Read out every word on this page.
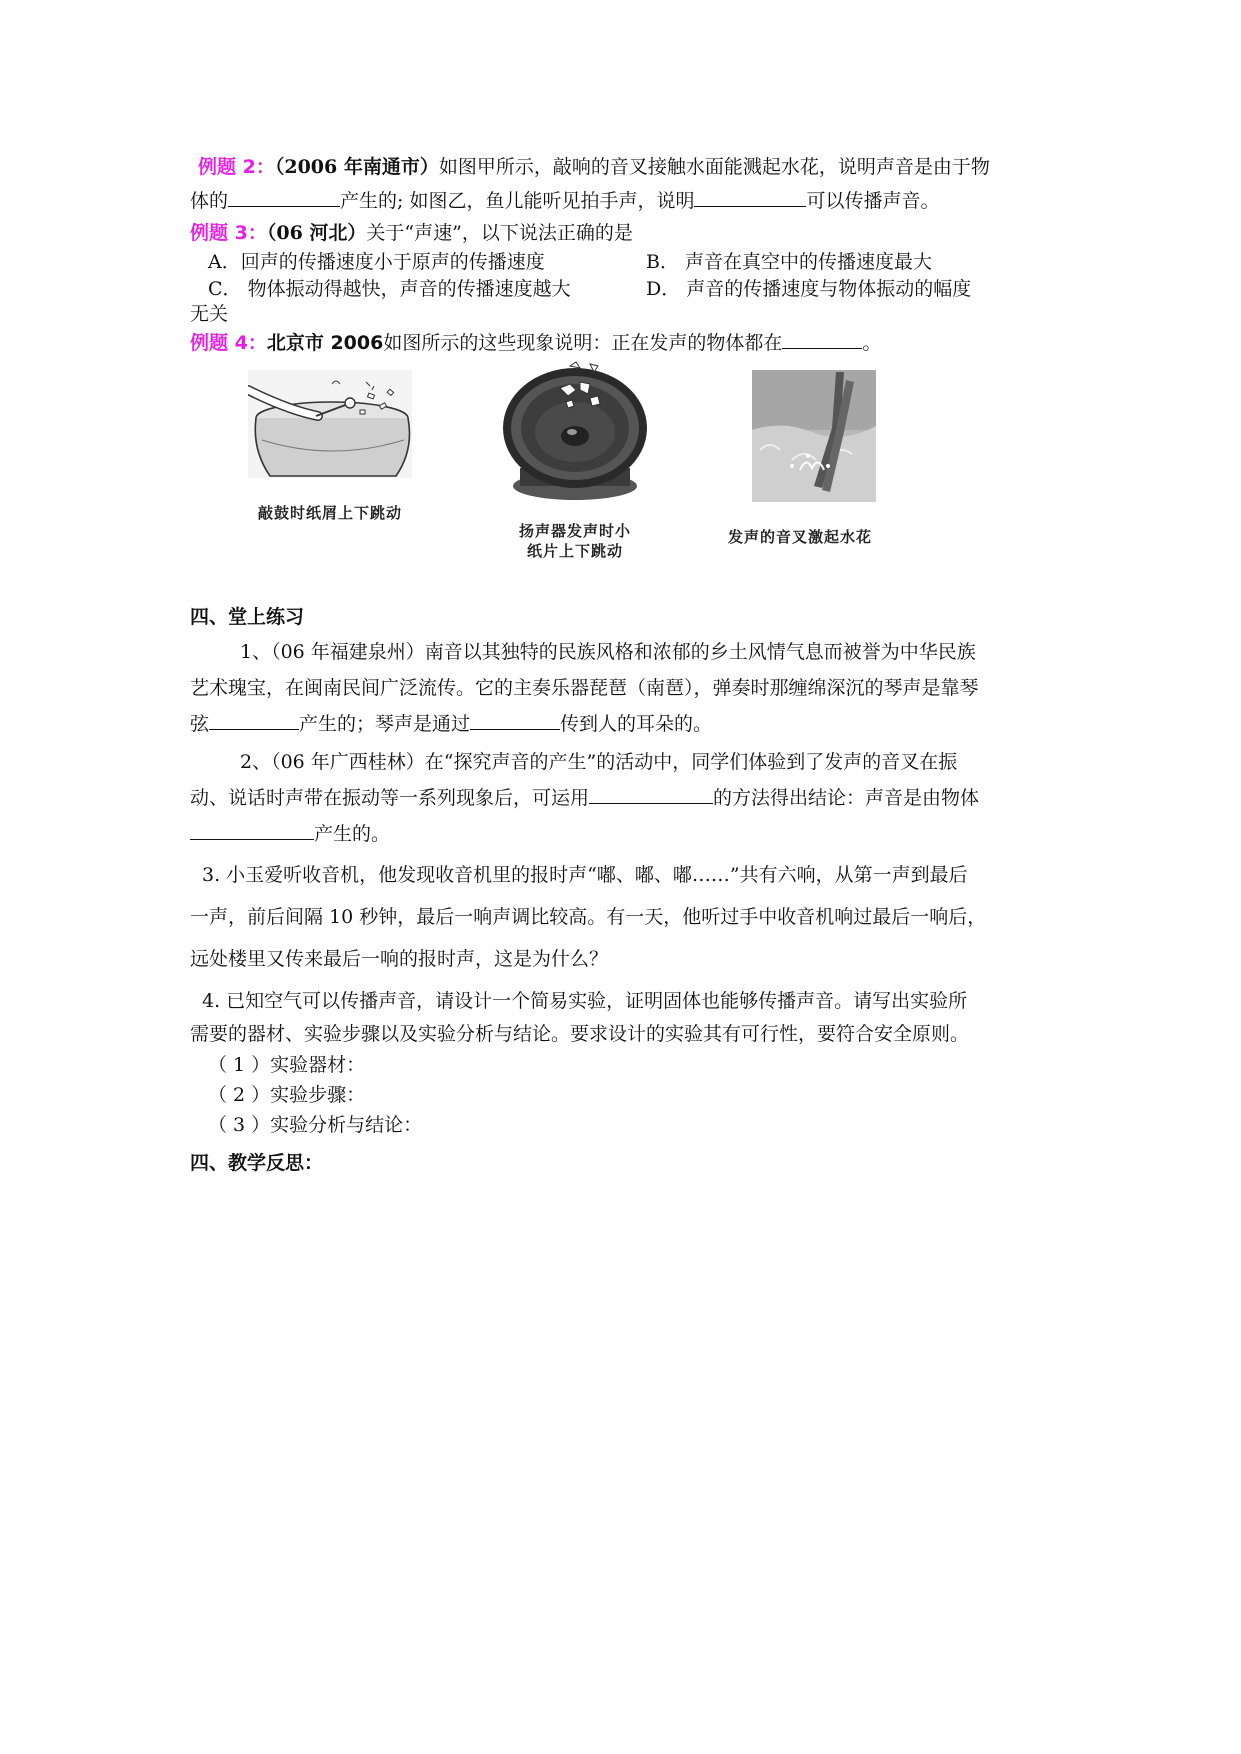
例题 2：（2006 年南通市）如图甲所示，敲响的音叉接触水面能溅起水花，说明声音是由于物
体的	产生的; 如图乙，鱼儿能听见拍手声，说明	可以传播声音。
例题 3：（06 河北）关于“声速”，以下说法正确的是
A．回声的传播速度小于原声的传播速度	B． 声音在真空中的传播速度最大
C． 物体振动得越快，声音的传播速度越大	D． 声音的传播速度与物体振动的幅度
无关
例题 4：北京市 2006如图所示的这些现象说明：正在发声的物体都在	。
敲鼓时纸屑上下跳动
扬声器发声时小
纸片上下跳动
发声的音叉激起水花
四、堂上练习
1、（06 年福建泉州）南音以其独特的民族风格和浓郁的乡土风情气息而被誉为中华民族
艺术瑰宝，在闽南民间广泛流传。它的主奏乐器琵琶（南琶），弹奏时那缠绵深沉的琴声是靠琴
弦	产生的；琴声是通过	传到人的耳朵的。
2、（06 年广西桂林）在“探究声音的产生”的活动中，同学们体验到了发声的音叉在振
动、说话时声带在振动等一系列现象后，可运用	的方法得出结论：声音是由物体
产生的。
3. 小玉爱听收音机，他发现收音机里的报时声“嘟、嘟、嘟……”共有六响，从第一声到最后
一声，前后间隔 10 秒钟，最后一响声调比较高。有一天，他听过手中收音机响过最后一响后，
远处楼里又传来最后一响的报时声，这是为什么？
4. 已知空气可以传播声音，请设计一个简易实验，证明固体也能够传播声音。请写出实验所
需要的器材、实验步骤以及实验分析与结论。要求设计的实验其有可行性，要符合安全原则。
（ 1 ）实验器材：
（ 2 ）实验步骤：
（ 3 ）实验分析与结论：
四、教学反思：
